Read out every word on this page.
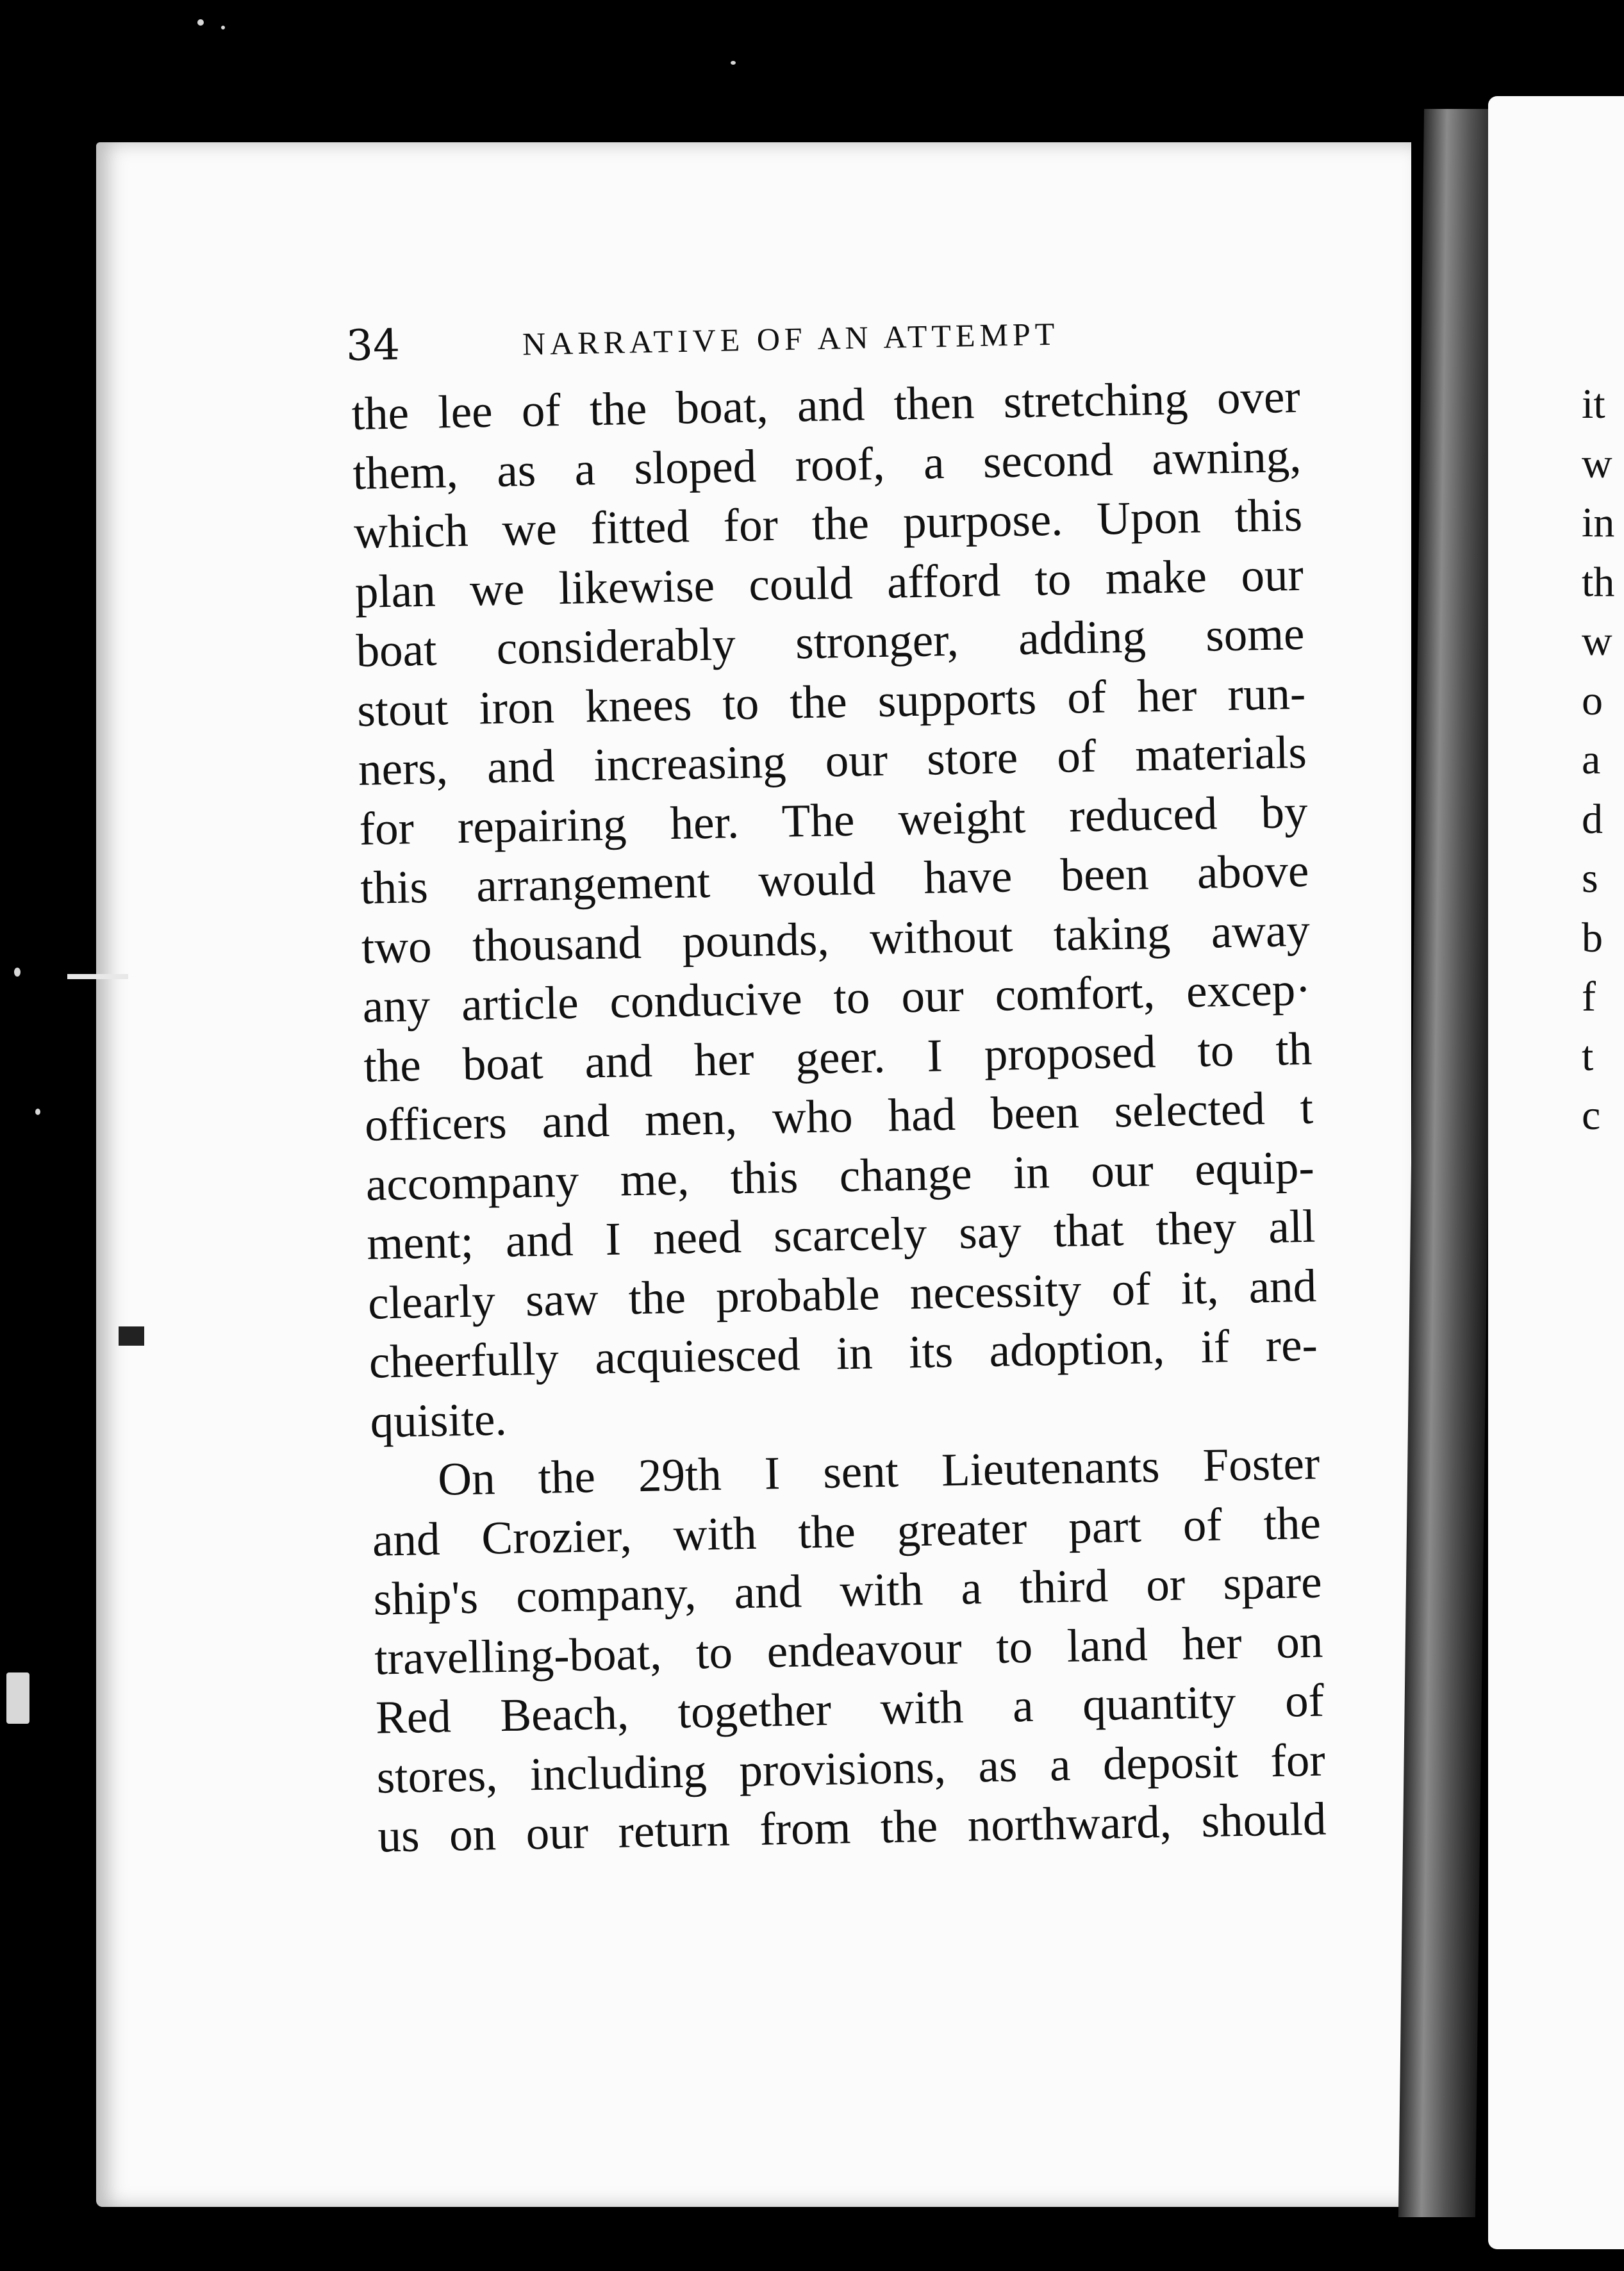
34	NARRATIVE OF AN ATTEMPT
the lee of the boat, and then stretching over
them, as a sloped roof, a second awning,
which we fitted for the purpose. Upon this
plan we likewise could afford to make our
boat considerably stronger, adding some
stout iron knees to the supports of her run-
ners, and increasing our store of materials
for repairing her. The weight reduced by
this arrangement would have been above
two thousand pounds, without taking away
any article conducive to our comfort, excep·
the boat and her geer. I proposed to th
officers and men, who had been selected t
accompany me, this change in our equip-
ment; and I need scarcely say that they all
clearly saw the probable necessity of it, and
cheerfully acquiesced in its adoption, if re-
quisite.
On the 29th I sent Lieutenants Foster
and Crozier, with the greater part of the
ship's company, and with a third or spare
travelling-boat, to endeavour to land her on
Red Beach, together with a quantity of
stores, including provisions, as a deposit for
us on our return from the northward, should
it
w
in
th
w
o
a
d
s
b
f
t
c
